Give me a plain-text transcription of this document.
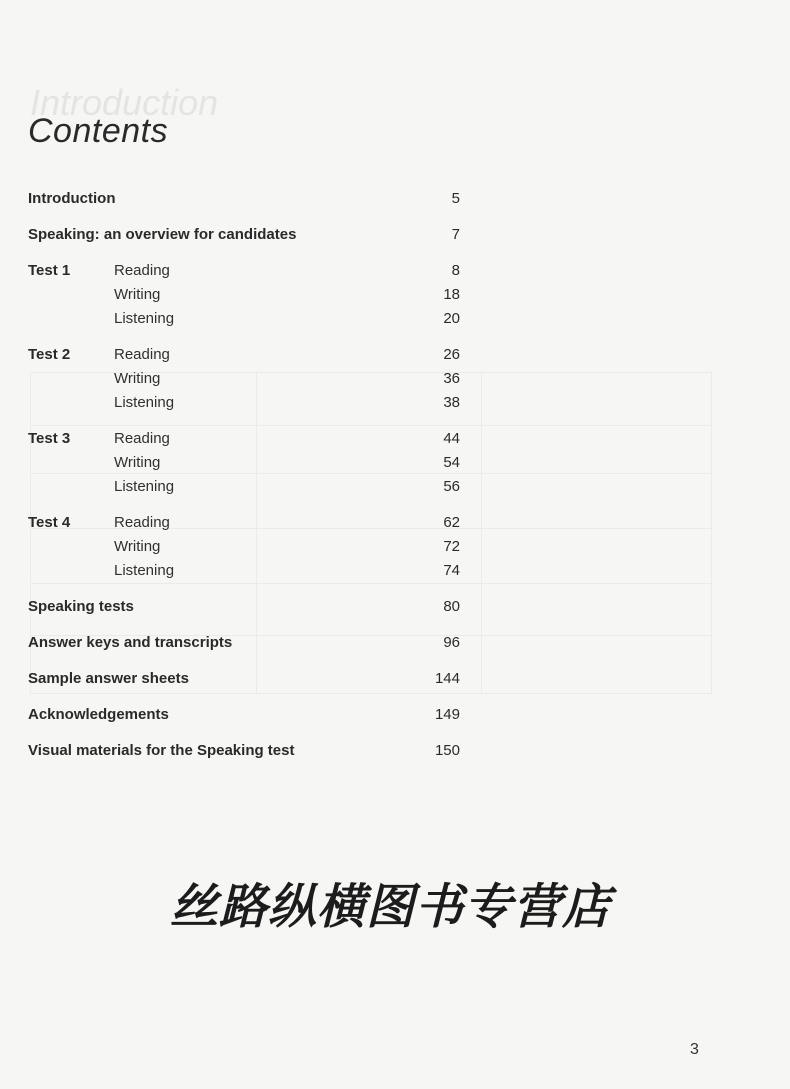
Introduction
Contents
Introduction	5
Speaking: an overview for candidates	7
Test 1	Reading	8
Writing	18
Listening	20
Test 2	Reading	26
Writing	36
Listening	38
Test 3	Reading	44
Writing	54
Listening	56
Test 4	Reading	62
Writing	72
Listening	74
Speaking tests	80
Answer keys and transcripts	96
Sample answer sheets	144
Acknowledgements	149
Visual materials for the Speaking test	150
丝路纵横图书专营店
3
